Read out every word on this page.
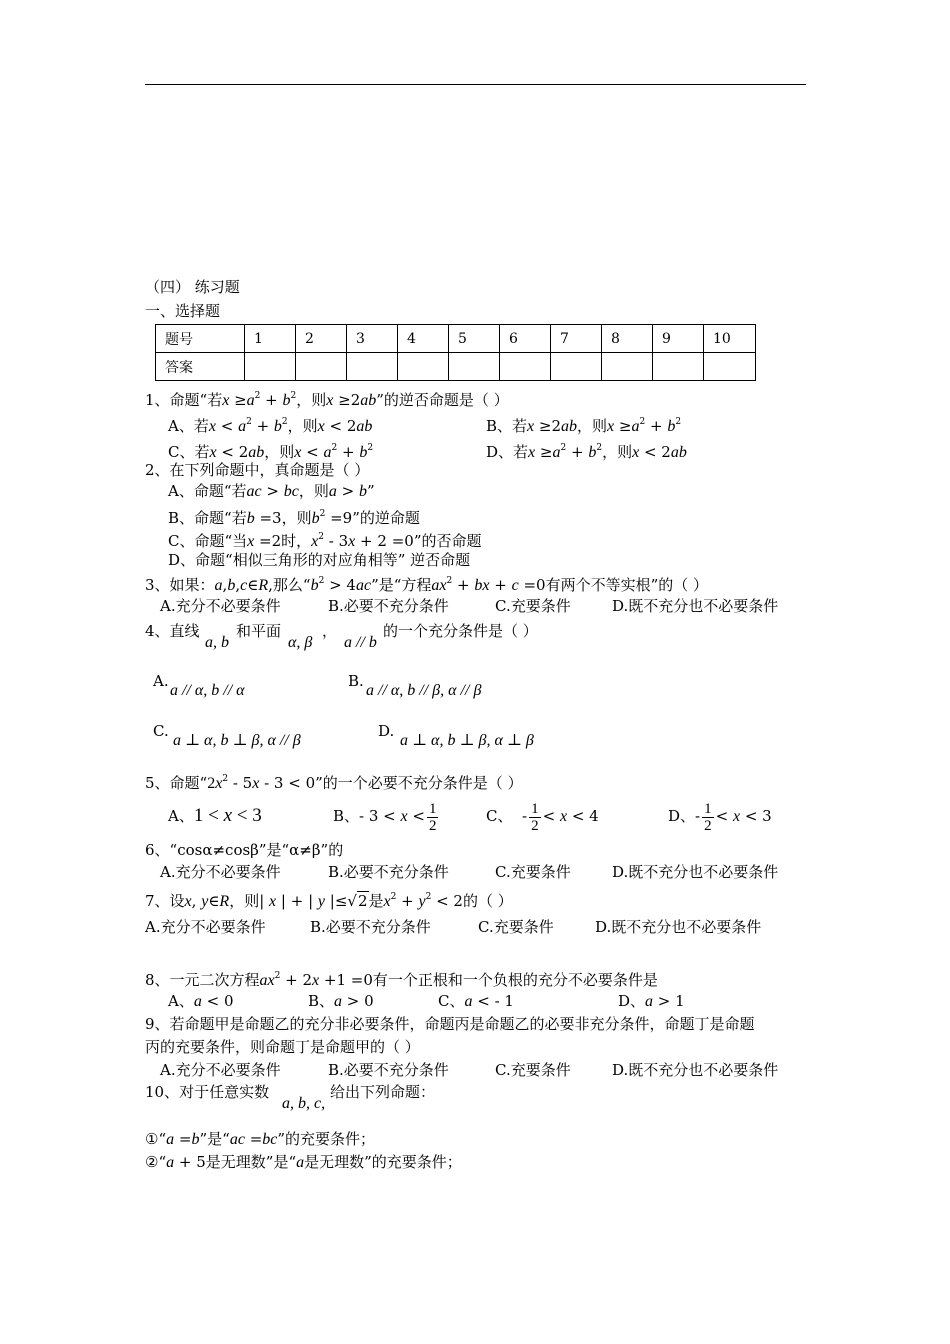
（四） 练习题
一、选择题
题号	1	2	3	4	5	6	7	8	9	10
答案										
1、命题“若$x \ge a^2 + b^2$，则x ≥2ab”的逆否命题是（ ）
A、若$x < a^2 + b^2$，则x < 2ab	B、若x ≥2ab，则$x \ge a^2 + b^2$
C、若x < 2ab，则$x < a^2 + b^2$	D、若$x \ge a^2 + b^2$，则x < 2ab
2、在下列命题中，真命题是（ ）
A、命题“若ac > bc，则a > b”
B、命题“若b =3，则$b^2 =9$”的逆命题
C、命题“当x =2时，$x^2 - 3x + 2 =0$”的否命题
D、命题“相似三角形的对应角相等” 逆否命题
3、如果：a,b,c∈R,那么“$b^2 > 4ac$”是“方程$ax^2$ + bx + c =0有两个不等实根”的（ ）
A.充分不必要条件	B.必要不充分条件	C.充要条件	D.既不充分也不必要条件
4、直线
a, b
和平面
α, β
，
a // b
的一个充分条件是（ ）
A.
a // α, b // α
B.
a // α, b // β, α // β
C.
a ⊥ α, b ⊥ β, α // β
D.
a ⊥ α, b ⊥ β, α ⊥ β
5、命题“$2x^2 - 5x - 3 < 0$”的一个必要不充分条件是（ ）
A、1 < x < 3	B、- $3 < x < \frac{1}{2}$	C、  - $\frac{1}{2} < x < 4$	D、- $\frac{1}{2} < x < 3$
6、“cosα≠cosβ”是“α≠β”的
A.充分不必要条件	B.必要不充分条件	C.充要条件	D.既不充分也不必要条件
7、设x, y∈R，则| x | + | y |≤√2是$x^2 + y^2 < 2$的（ ）
A.充分不必要条件	B.必要不充分条件	C.充要条件	D.既不充分也不必要条件
8、一元二次方程$ax^2 + 2x +1 =0$有一个正根和一个负根的充分不必要条件是
A、a < 0	B、a > 0	C、a < - 1	D、a > 1
9、若命题甲是命题乙的充分非必要条件，命题丙是命题乙的必要非充分条件，命题丁是命题
丙的充要条件，则命题丁是命题甲的（ ）
A.充分不必要条件	B.必要不充分条件	C.充要条件	D.既不充分也不必要条件
10、对于任意实数
a, b, c,
给出下列命题：
①“a =b”是“ac =bc”的充要条件；
②“a + 5是无理数”是“a是无理数”的充要条件；
